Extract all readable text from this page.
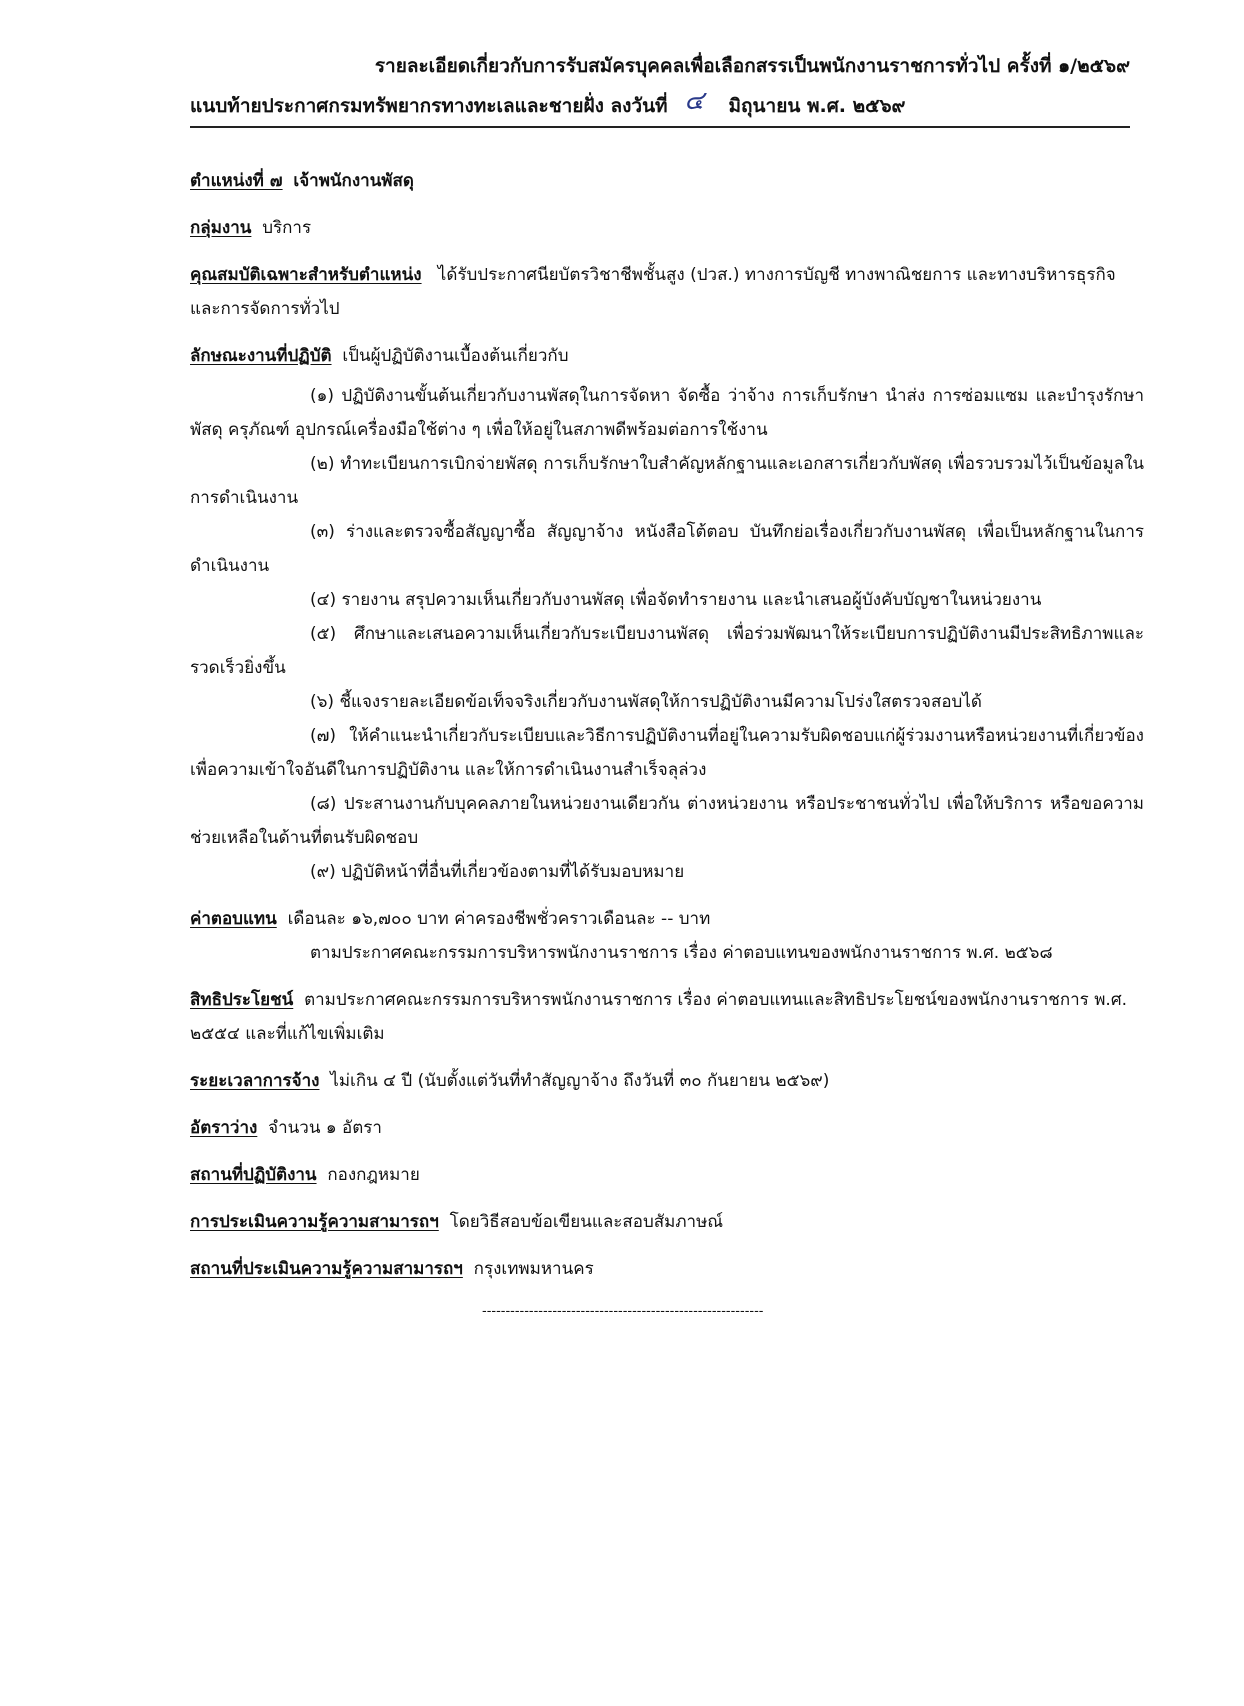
รายละเอียดเกี่ยวกับการรับสมัครบุคคลเพื่อเลือกสรรเป็นพนักงานราชการทั่วไป ครั้งที่ ๑/๒๕๖๙
แนบท้ายประกาศกรมทรัพยากรทางทะเลและชายฝั่ง ลงวันที่ ๔ มิถุนายน พ.ศ. ๒๕๖๙

ตำแหน่งที่ ๗ เจ้าพนักงานพัสดุ

กลุ่มงาน บริการ

คุณสมบัติเฉพาะสำหรับตำแหน่ง ได้รับประกาศนียบัตรวิชาชีพชั้นสูง (ปวส.) ทางการบัญชี ทางพาณิชยการ และทางบริหารธุรกิจ และการจัดการทั่วไป

ลักษณะงานที่ปฏิบัติ เป็นผู้ปฏิบัติงานเบื้องต้นเกี่ยวกับ

(๑) ปฏิบัติงานขั้นต้นเกี่ยวกับงานพัสดุในการจัดหา จัดซื้อ ว่าจ้าง การเก็บรักษา นำส่ง การซ่อมแซม และบำรุงรักษาพัสดุ ครุภัณฑ์ อุปกรณ์เครื่องมือใช้ต่าง ๆ เพื่อให้อยู่ในสภาพดีพร้อมต่อการใช้งาน

(๒) ทำทะเบียนการเบิกจ่ายพัสดุ การเก็บรักษาใบสำคัญหลักฐานและเอกสารเกี่ยวกับพัสดุ เพื่อรวบรวมไว้เป็นข้อมูลในการดำเนินงาน

(๓) ร่างและตรวจซื้อสัญญาซื้อ สัญญาจ้าง หนังสือโต้ตอบ บันทึกย่อเรื่องเกี่ยวกับงานพัสดุ เพื่อเป็นหลักฐานในการดำเนินงาน

(๔) รายงาน สรุปความเห็นเกี่ยวกับงานพัสดุ เพื่อจัดทำรายงาน และนำเสนอผู้บังคับบัญชาในหน่วยงาน

(๕) ศึกษาและเสนอความเห็นเกี่ยวกับระเบียบงานพัสดุ เพื่อร่วมพัฒนาให้ระเบียบการปฏิบัติงานมีประสิทธิภาพและรวดเร็วยิ่งขึ้น

(๖) ชี้แจงรายละเอียดข้อเท็จจริงเกี่ยวกับงานพัสดุให้การปฏิบัติงานมีความโปร่งใสตรวจสอบได้

(๗) ให้คำแนะนำเกี่ยวกับระเบียบและวิธีการปฏิบัติงานที่อยู่ในความรับผิดชอบแก่ผู้ร่วมงานหรือหน่วยงานที่เกี่ยวข้อง เพื่อความเข้าใจอันดีในการปฏิบัติงาน และให้การดำเนินงานสำเร็จลุล่วง

(๘) ประสานงานกับบุคคลภายในหน่วยงานเดียวกัน ต่างหน่วยงาน หรือประชาชนทั่วไป เพื่อให้บริการ หรือขอความช่วยเหลือในด้านที่ตนรับผิดชอบ

(๙) ปฏิบัติหน้าที่อื่นที่เกี่ยวข้องตามที่ได้รับมอบหมาย

ค่าตอบแทน เดือนละ ๑๖,๗๐๐ บาท ค่าครองชีพชั่วคราวเดือนละ -- บาท

ตามประกาศคณะกรรมการบริหารพนักงานราชการ เรื่อง ค่าตอบแทนของพนักงานราชการ พ.ศ. ๒๕๖๘

สิทธิประโยชน์ ตามประกาศคณะกรรมการบริหารพนักงานราชการ เรื่อง ค่าตอบแทนและสิทธิประโยชน์ของพนักงานราชการ พ.ศ. ๒๕๕๔ และที่แก้ไขเพิ่มเติม

ระยะเวลาการจ้าง ไม่เกิน ๔ ปี (นับตั้งแต่วันที่ทำสัญญาจ้าง ถึงวันที่ ๓๐ กันยายน ๒๕๖๙)

อัตราว่าง จำนวน ๑ อัตรา

สถานที่ปฏิบัติงาน กองกฎหมาย

การประเมินความรู้ความสามารถฯ โดยวิธีสอบข้อเขียนและสอบสัมภาษณ์

สถานที่ประเมินความรู้ความสามารถฯ กรุงเทพมหานคร

------------------------------------------------------------
